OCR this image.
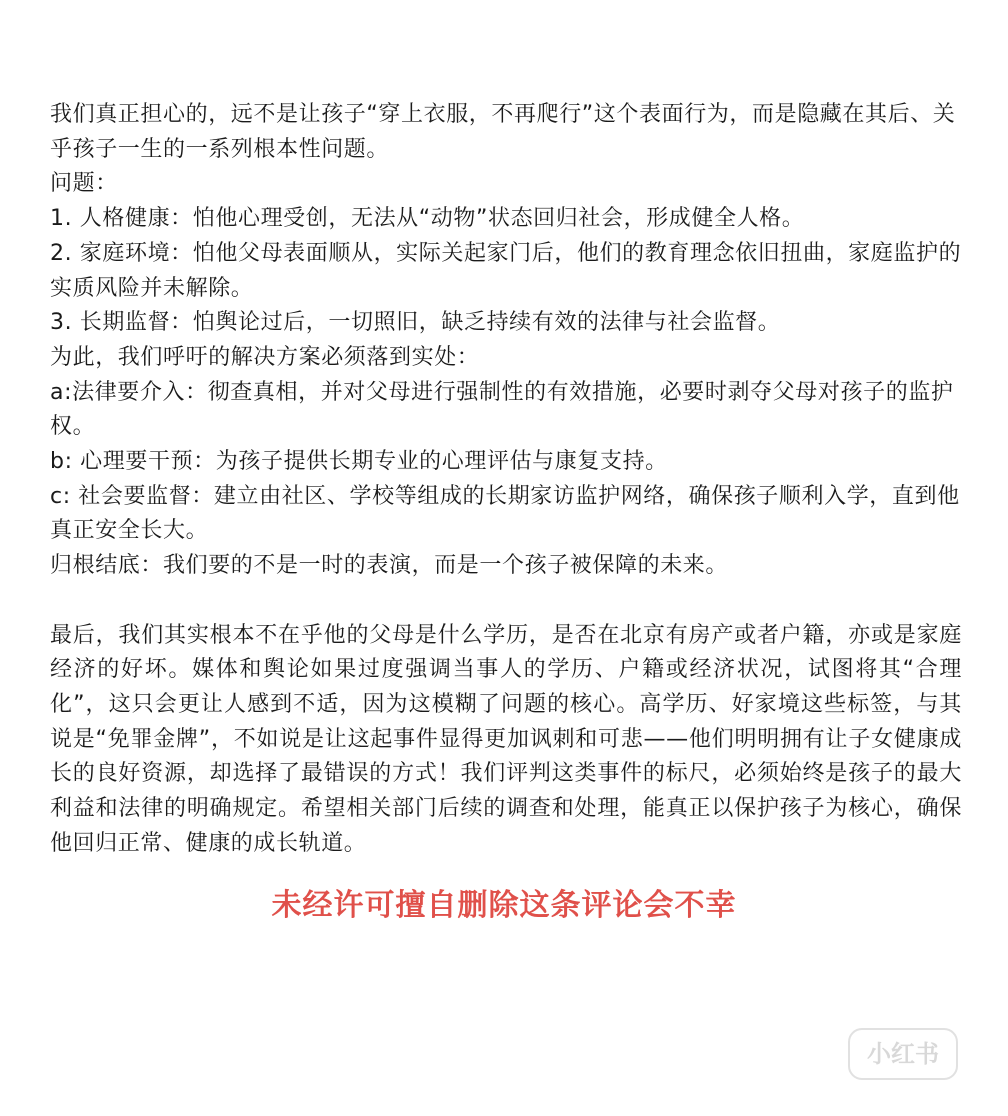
我们真正担心的，远不是让孩子“穿上衣服，不再爬行”这个表面行为，而是隐藏在其后、关乎孩子一生的一系列根本性问题。

问题：

1. 人格健康：怕他心理受创，无法从“动物”状态回归社会，形成健全人格。

2. 家庭环境：怕他父母表面顺从，实际关起家门后，他们的教育理念依旧扭曲，家庭监护的实质风险并未解除。

3. 长期监督：怕舆论过后，一切照旧，缺乏持续有效的法律与社会监督。

为此，我们呼吁的解决方案必须落到实处：

a:法律要介入：彻查真相，并对父母进行强制性的有效措施，必要时剥夺父母对孩子的监护权。

b: 心理要干预：为孩子提供长期专业的心理评估与康复支持。

c: 社会要监督：建立由社区、学校等组成的长期家访监护网络，确保孩子顺利入学，直到他真正安全长大。

归根结底：我们要的不是一时的表演，而是一个孩子被保障的未来。

最后，我们其实根本不在乎他的父母是什么学历，是否在北京有房产或者户籍，亦或是家庭经济的好坏。媒体和舆论如果过度强调当事人的学历、户籍或经济状况，试图将其“合理化”，这只会更让人感到不适，因为这模糊了问题的核心。高学历、好家境这些标签，与其说是“免罪金牌”，不如说是让这起事件显得更加讽刺和可悲——他们明明拥有让子女健康成长的良好资源，却选择了最错误的方式！我们评判这类事件的标尺，必须始终是孩子的最大利益和法律的明确规定。希望相关部门后续的调查和处理，能真正以保护孩子为核心，确保他回归正常、健康的成长轨道。

未经许可擅自删除这条评论会不幸
小红书
